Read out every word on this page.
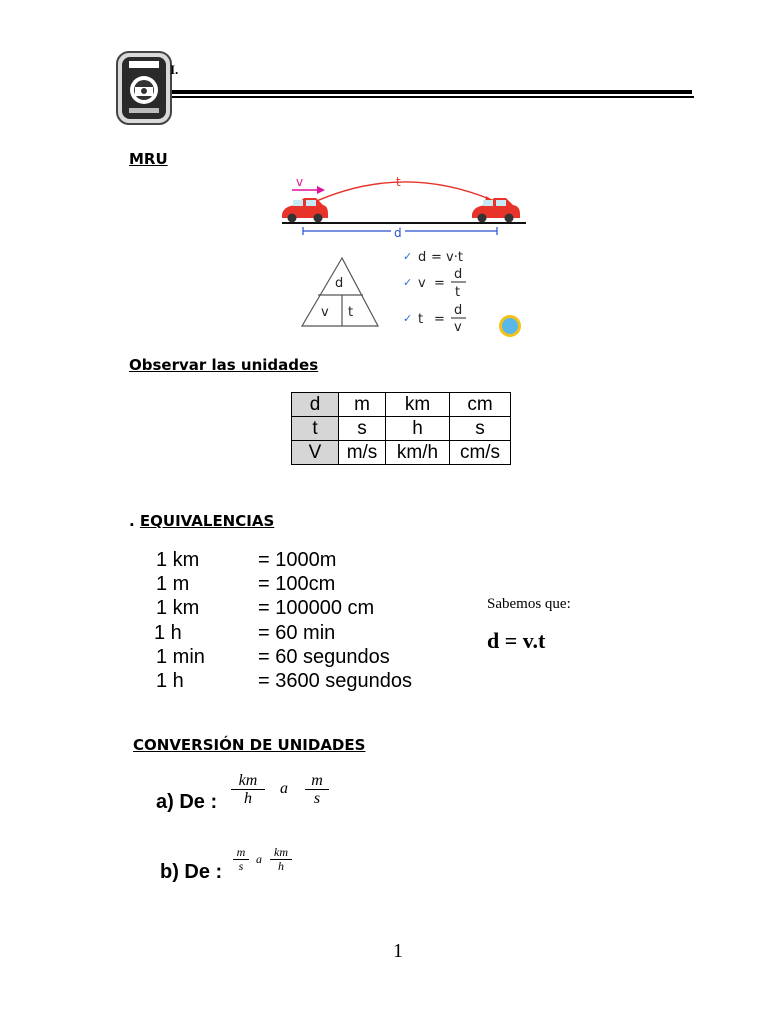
I.
MRU
v	t
d
d
v t
✓ d = v·t
✓ v =
d
t
✓ t =
d
v
Observar las unidades
d	m	km	cm
t	s	h	s
V	m/s	km/h	cm/s
. EQUIVALENCIAS
1 km	= 1000m
1 m	= 100cm
1 km	= 100000 cm
1 h	= 60 min
1 min	= 60 segundos
1 h	= 3600 segundos
Sabemos que:
d = v.t
CONVERSIÓN DE UNIDADES
a) De :
km
h
a	m
s
b) De :
m
s	a	km
h
1
